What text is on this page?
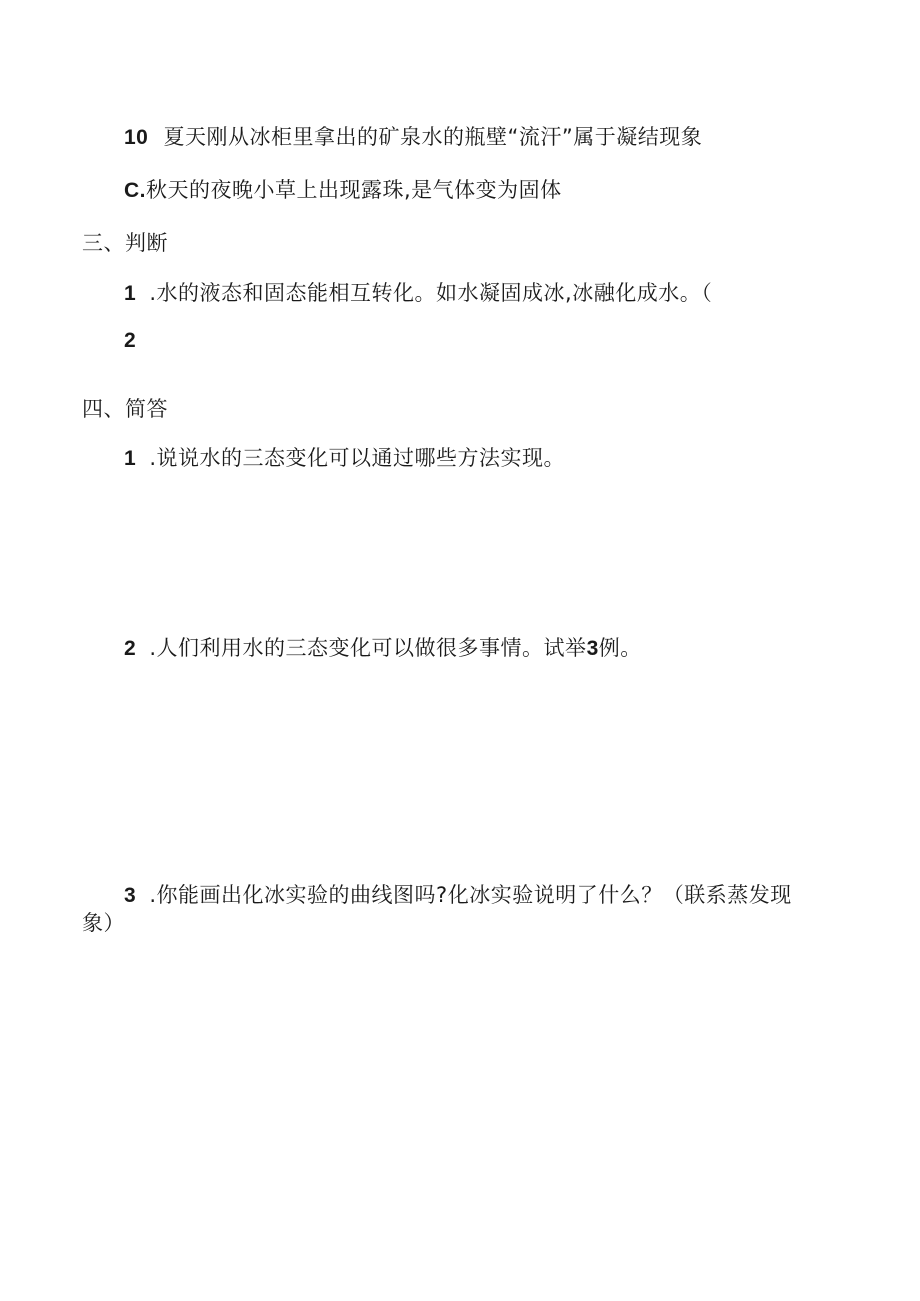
10 夏天刚从冰柜里拿出的矿泉水的瓶壁“流汗”属于凝结现象
C.秋天的夜晚小草上出现露珠,是气体变为固体
三、判断
1 .水的液态和固态能相互转化。如水凝固成冰,冰融化成水。（
2
四、简答
1 .说说水的三态变化可以通过哪些方法实现。
2 .人们利用水的三态变化可以做很多事情。试举3例。
3 .你能画出化冰实验的曲线图吗?化冰实验说明了什么？（联系蒸发现
象）
